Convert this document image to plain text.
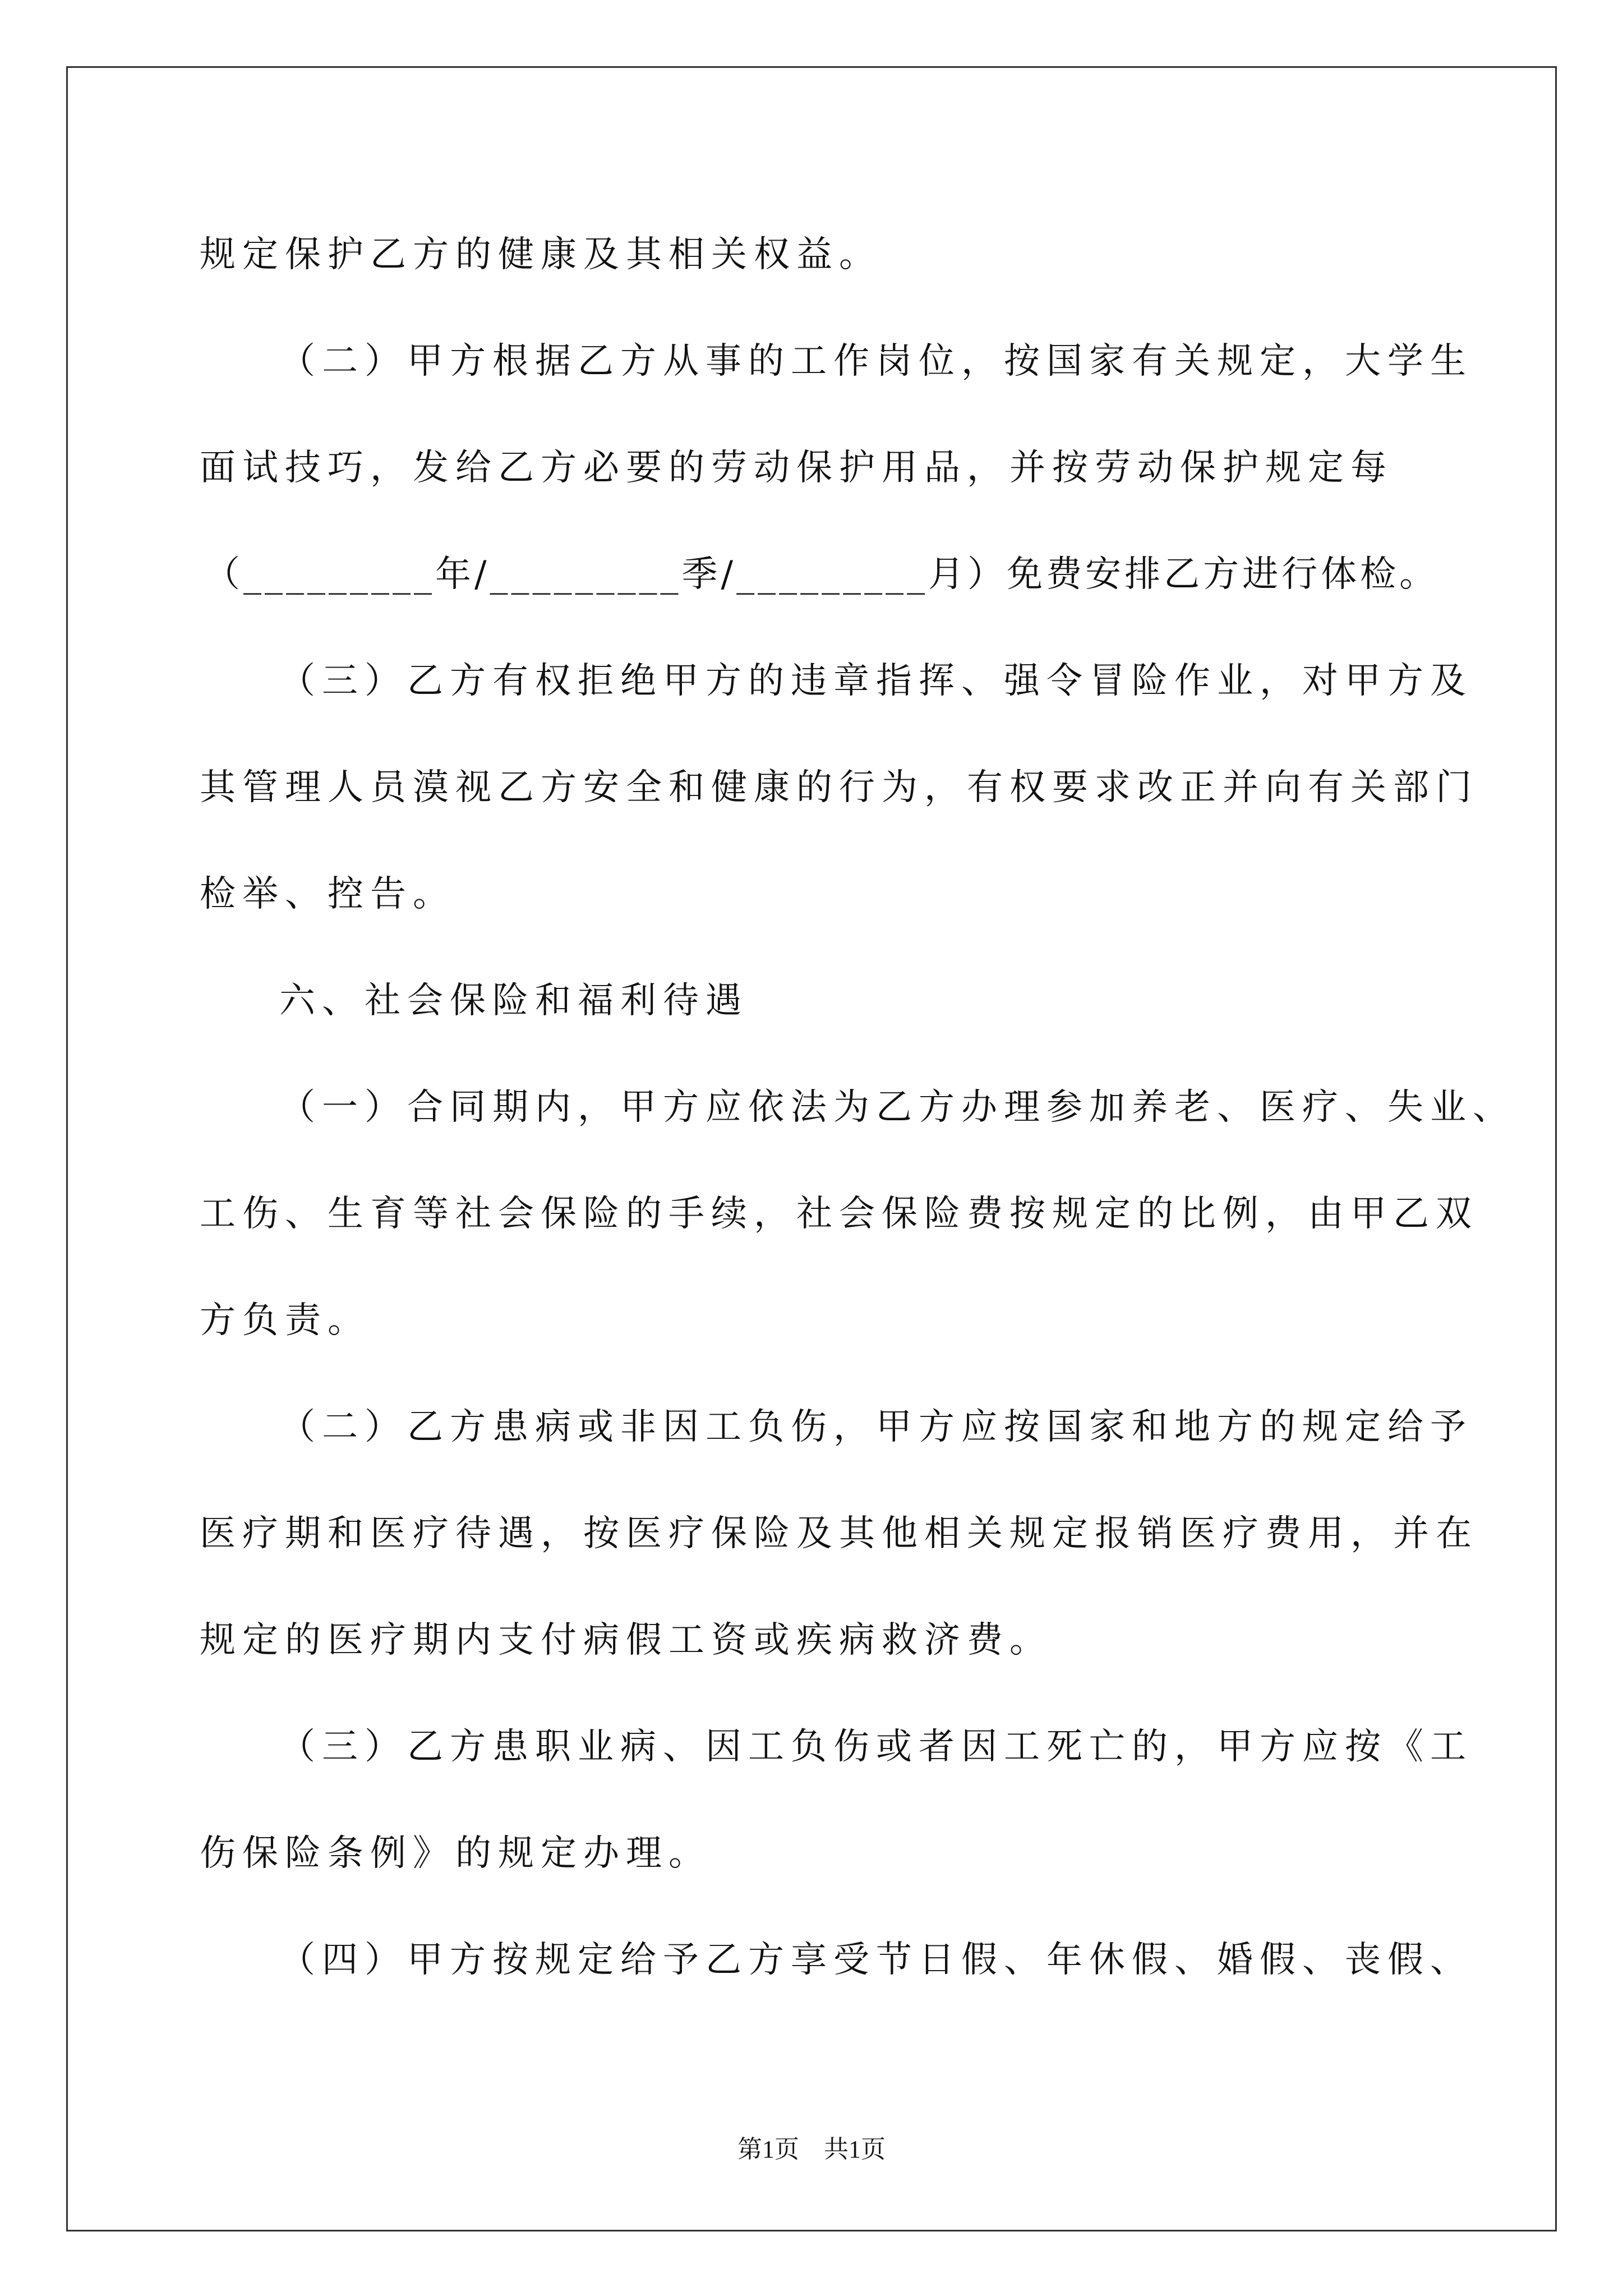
规定保护乙方的健康及其相关权益。
（二）甲方根据乙方从事的工作岗位，按国家有关规定，大学生
面试技巧，发给乙方必要的劳动保护用品，并按劳动保护规定每
（_________年/_________季/_________月）免费安排乙方进行体检。
（三）乙方有权拒绝甲方的违章指挥、强令冒险作业，对甲方及
其管理人员漠视乙方安全和健康的行为，有权要求改正并向有关部门
检举、控告。
六、社会保险和福利待遇
（一）合同期内，甲方应依法为乙方办理参加养老、医疗、失业、
工伤、生育等社会保险的手续，社会保险费按规定的比例，由甲乙双
方负责。
（二）乙方患病或非因工负伤，甲方应按国家和地方的规定给予
医疗期和医疗待遇，按医疗保险及其他相关规定报销医疗费用，并在
规定的医疗期内支付病假工资或疾病救济费。
（三）乙方患职业病、因工负伤或者因工死亡的，甲方应按《工
伤保险条例》的规定办理。
（四）甲方按规定给予乙方享受节日假、年休假、婚假、丧假、
第1页　共1页
